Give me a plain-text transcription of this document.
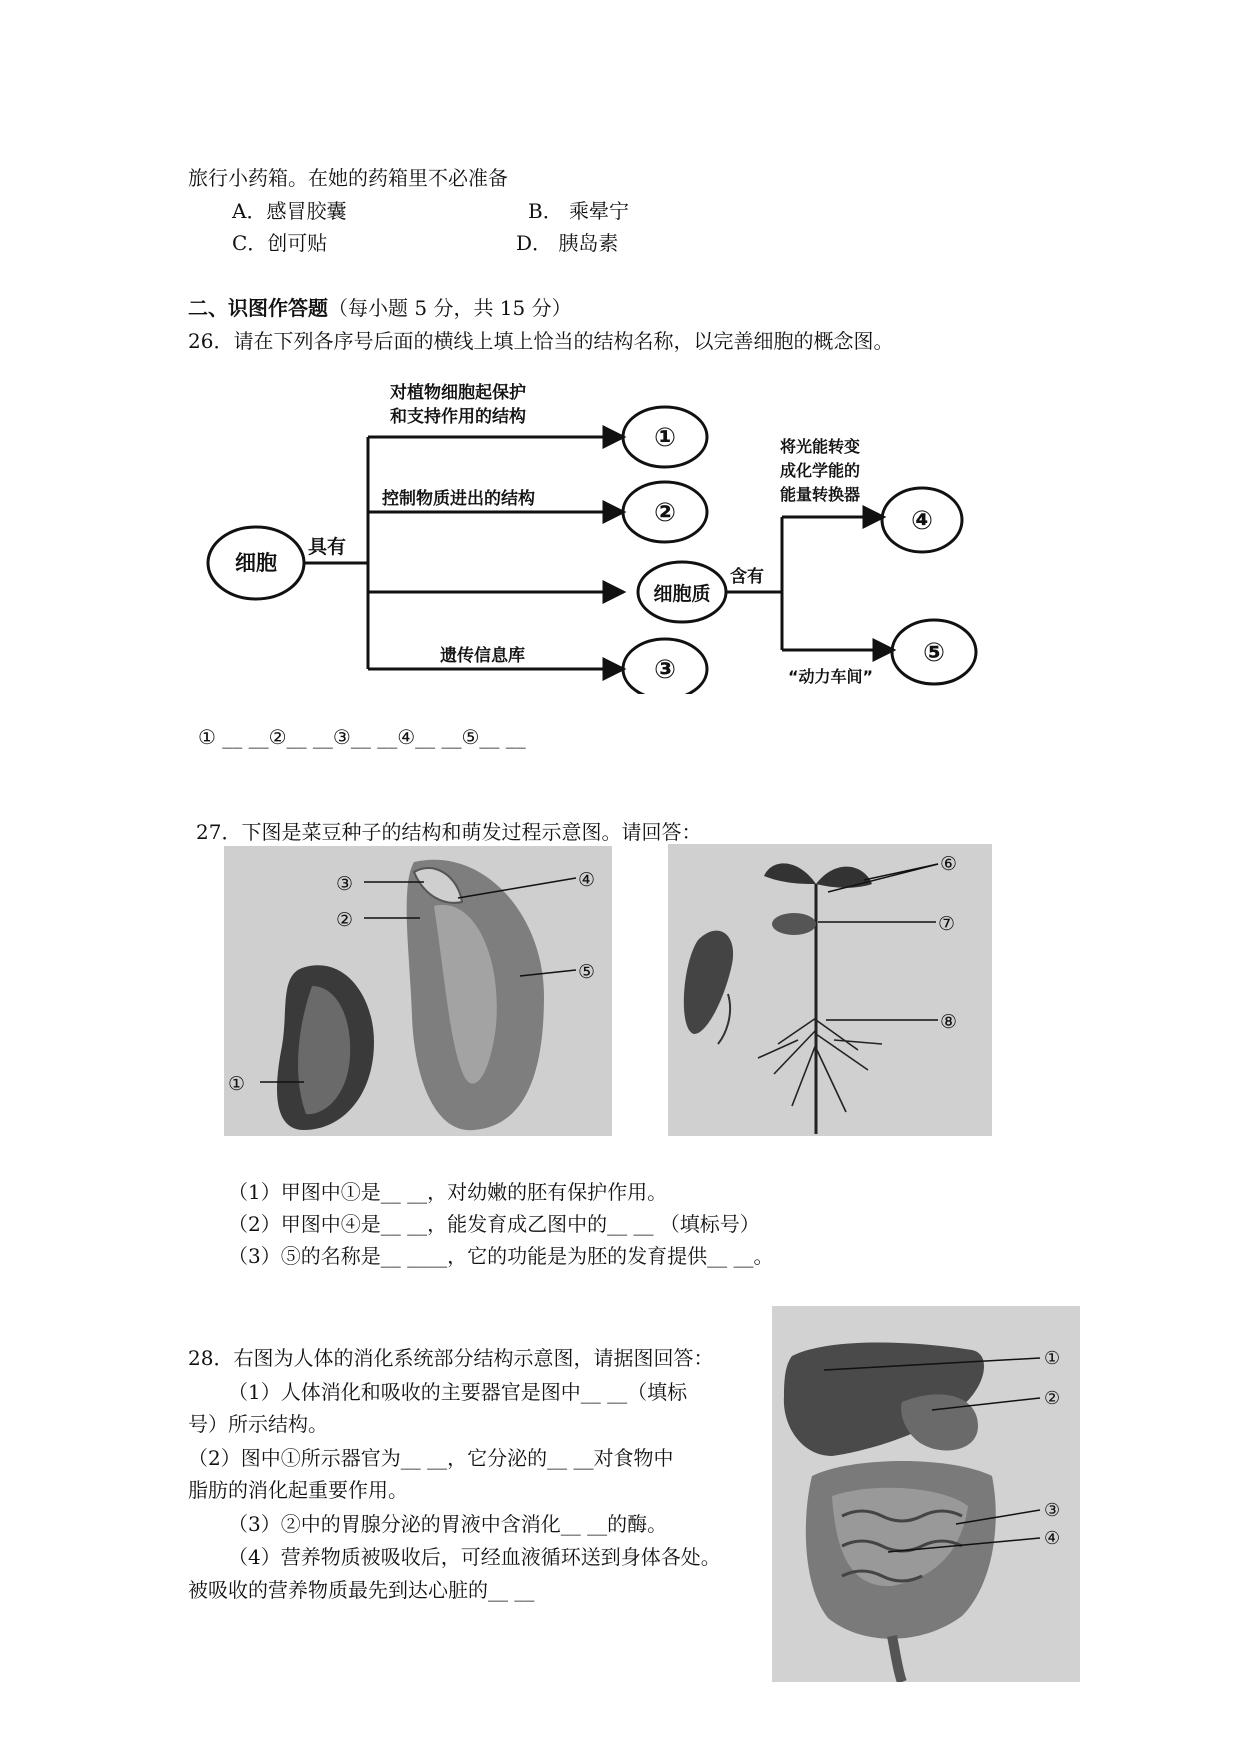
旅行小药箱。在她的药箱里不必准备
A．感冒胶囊	B． 乘晕宁
C．创可贴	D． 胰岛素
二、识图作答题（每小题 5 分，共 15 分）
26．请在下列各序号后面的横线上填上恰当的结构名称，以完善细胞的概念图。
细胞
具有
对植物细胞起保护
和支持作用的结构
控制物质进出的结构
遗传信息库
细胞质
含有
将光能转变
成化学能的
能量转换器
“动力车间”
①
②
③
④
⑤
① __ __②__ __③__ __④__ __⑤__ __
27．下图是菜豆种子的结构和萌发过程示意图。请回答：
①
②
③	④
⑤
⑥
⑦
⑧
（1）甲图中①是__ __，对幼嫩的胚有保护作用。
（2）甲图中④是__ __，能发育成乙图中的__ __ （填标号）
（3）⑤的名称是__ ____，它的功能是为胚的发育提供__ __。
28．右图为人体的消化系统部分结构示意图，请据图回答：
（1）人体消化和吸收的主要器官是图中__ __（填标
号）所示结构。
（2）图中①所示器官为__ __，它分泌的__ __对食物中
脂肪的消化起重要作用。
（3）②中的胃腺分泌的胃液中含消化__ __的酶。
（4）营养物质被吸收后，可经血液循环送到身体各处。
被吸收的营养物质最先到达心脏的__ __
①
②
③
④
